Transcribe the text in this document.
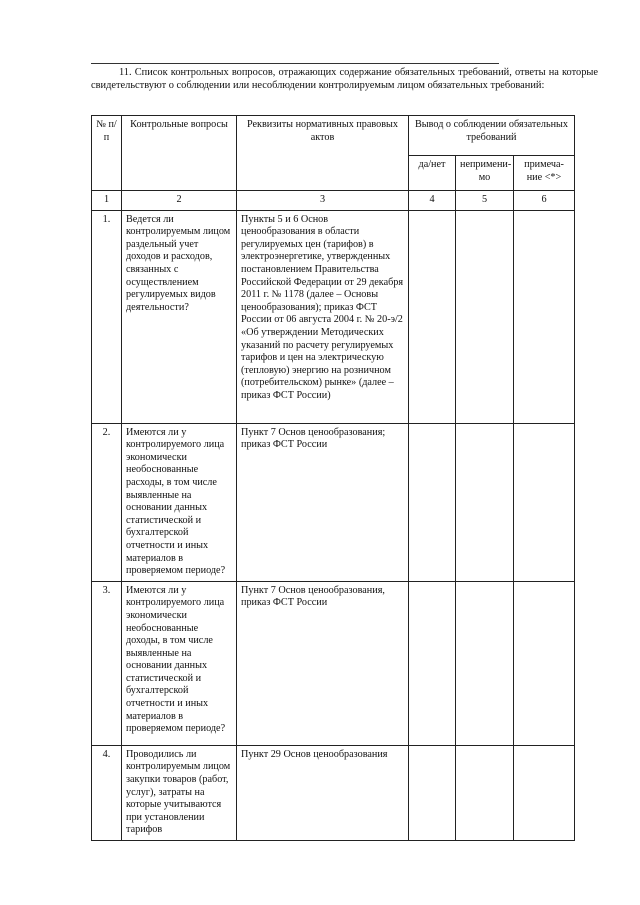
11. Список контрольных вопросов, отражающих содержание обязательных требований, ответы на которые свидетельствуют о соблюдении или несоблюдении контролируемым лицом обязательных требований:

№ п/п	Контрольные вопросы	Реквизиты нормативных правовых актов	Вывод о соблюдении обязательных требований		
			да/нет	непримени-мо	примеча-ние <*>
1	2	3	4	5	6
1.	Ведется ли контролируемым лицом раздельный учет доходов и расходов, связанных с осуществлением регулируемых видов деятельности?	Пункты 5 и 6 Основ ценообразования в области регулируемых цен (тарифов) в электроэнергетике, утвержденных постановлением Правительства Российской Федерации от 29 декабря 2011 г. № 1178 (далее – Основы ценообразования); приказ ФСТ России от 06 августа 2004 г. № 20-э/2 «Об утверждении Методических указаний по расчету регулируемых тарифов и цен на электрическую (тепловую) энергию на розничном (потребительском) рынке» (далее – приказ ФСТ России)			
2.	Имеются ли у контролируемого лица экономически необоснованные расходы, в том числе выявленные на основании данных статистической и бухгалтерской отчетности и иных материалов в проверяемом периоде?	Пункт 7 Основ ценообразования; приказ ФСТ России			
3.	Имеются ли у контролируемого лица экономически необоснованные доходы, в том числе выявленные на основании данных статистической и бухгалтерской отчетности и иных материалов в проверяемом периоде?	Пункт 7 Основ ценообразования, приказ ФСТ России			
4.	Проводились ли контролируемым лицом закупки товаров (работ, услуг), затраты на которые учитываются при установлении тарифов	Пункт 29 Основ ценообразования			
